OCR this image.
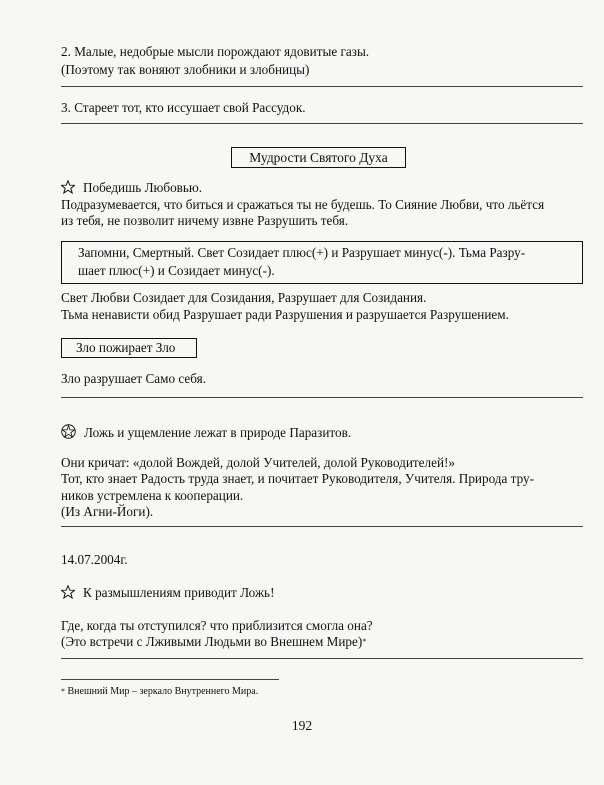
2. Малые, недобрые мысли порождают ядовитые газы.
(Поэтому так воняют злобники и злобницы)
3. Стареет тот, кто иссушает свой Рассудок.
Мудрости Святого Духа
Победишь Любовью.
Подразумевается, что биться и сражаться ты не будешь. То Сияние Любви, что льётся
из тебя, не позволит ничему извне Разрушить тебя.
Запомни, Смертный. Свет Созидает плюс(+) и Разрушает минус(-). Тьма Разру-
шает плюс(+) и Созидает минус(-).
Свет Любви Созидает для Созидания, Разрушает для Созидания.
Тьма ненависти обид Разрушает ради Разрушения и разрушается Разрушением.
Зло пожирает Зло
Зло разрушает Само себя.
Ложь и ущемление лежат в природе Паразитов.
Они кричат: «долой Вождей, долой Учителей, долой Руководителей!»
Тот, кто знает Радость труда знает, и почитает Руководителя, Учителя. Природа тру-
ников устремлена к кооперации.
(Из Агни-Йоги).
14.07.2004г.
К размышлениям приводит Ложь!
Где, когда ты отступился? что приблизится смогла она?
(Это встречи с Лживыми Людьми во Внешнем Мире)*
* Внешний Мир – зеркало Внутреннего Мира.
192
